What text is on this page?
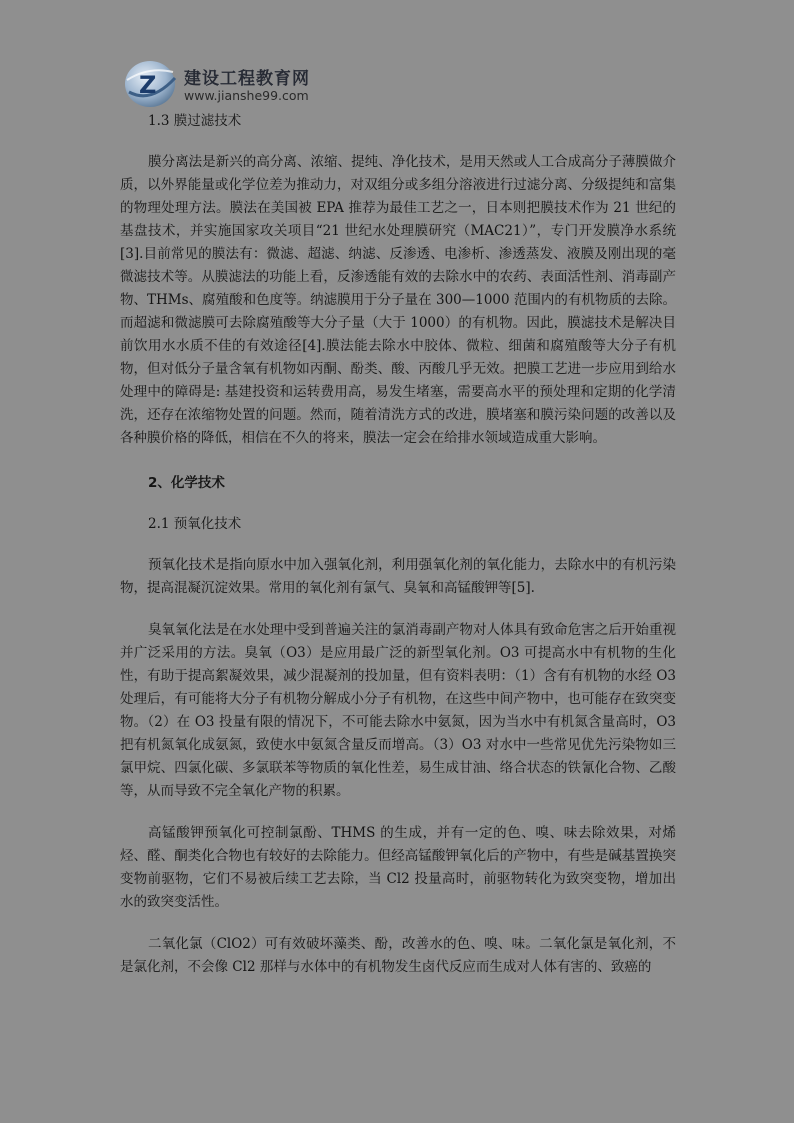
Z 建设工程教育网
www.jianshe99.com

1.3 膜过滤技术

膜分离法是新兴的高分离、浓缩、提纯、净化技术，是用天然或人工合成高分子薄膜做介质，以外界能量或化学位差为推动力，对双组分或多组分溶液进行过滤分离、分级提纯和富集的物理处理方法。膜法在美国被 EPA 推荐为最佳工艺之一，日本则把膜技术作为 21 世纪的基盘技术，并实施国家攻关项目“21 世纪水处理膜研究（MAC21）”，专门开发膜净水系统[3].目前常见的膜法有：微滤、超滤、纳滤、反渗透、电渗析、渗透蒸发、液膜及刚出现的毫微滤技术等。从膜滤法的功能上看，反渗透能有效的去除水中的农药、表面活性剂、消毒副产物、THMs、腐殖酸和色度等。纳滤膜用于分子量在 300—1000 范围内的有机物质的去除。而超滤和微滤膜可去除腐殖酸等大分子量（大于 1000）的有机物。因此，膜滤技术是解决目前饮用水水质不佳的有效途径[4].膜法能去除水中胶体、微粒、细菌和腐殖酸等大分子有机物，但对低分子量含氧有机物如丙酮、酚类、酸、丙酸几乎无效。把膜工艺进一步应用到给水处理中的障碍是: 基建投资和运转费用高，易发生堵塞，需要高水平的预处理和定期的化学清洗，还存在浓缩物处置的问题。然而，随着清洗方式的改进，膜堵塞和膜污染问题的改善以及各种膜价格的降低，相信在不久的将来，膜法一定会在给排水领域造成重大影响。

2、化学技术

2.1 预氧化技术

预氧化技术是指向原水中加入强氧化剂，利用强氧化剂的氧化能力，去除水中的有机污染物，提高混凝沉淀效果。常用的氧化剂有氯气、臭氧和高锰酸钾等[5].

臭氧氧化法是在水处理中受到普遍关注的氯消毒副产物对人体具有致命危害之后开始重视并广泛采用的方法。臭氧（O3）是应用最广泛的新型氧化剂。O3 可提高水中有机物的生化性，有助于提高絮凝效果，减少混凝剂的投加量，但有资料表明：（1）含有有机物的水经 O3 处理后，有可能将大分子有机物分解成小分子有机物，在这些中间产物中，也可能存在致突变物。（2）在 O3 投量有限的情况下，不可能去除水中氨氮，因为当水中有机氮含量高时，O3 把有机氮氧化成氨氮，致使水中氨氮含量反而增高。（3）O3 对水中一些常见优先污染物如三氯甲烷、四氯化碳、多氯联苯等物质的氧化性差，易生成甘油、络合状态的铁氰化合物、乙酸等，从而导致不完全氧化产物的积累。

高锰酸钾预氧化可控制氯酚、THMS 的生成，并有一定的色、嗅、味去除效果，对烯烃、醛、酮类化合物也有较好的去除能力。但经高锰酸钾氧化后的产物中，有些是碱基置换突变物前驱物，它们不易被后续工艺去除，当 Cl2 投量高时，前驱物转化为致突变物，增加出水的致突变活性。

二氧化氯（ClO2）可有效破坏藻类、酚，改善水的色、嗅、味。二氧化氯是氧化剂，不是氯化剂，不会像 Cl2 那样与水体中的有机物发生卤代反应而生成对人体有害的、致癌的
